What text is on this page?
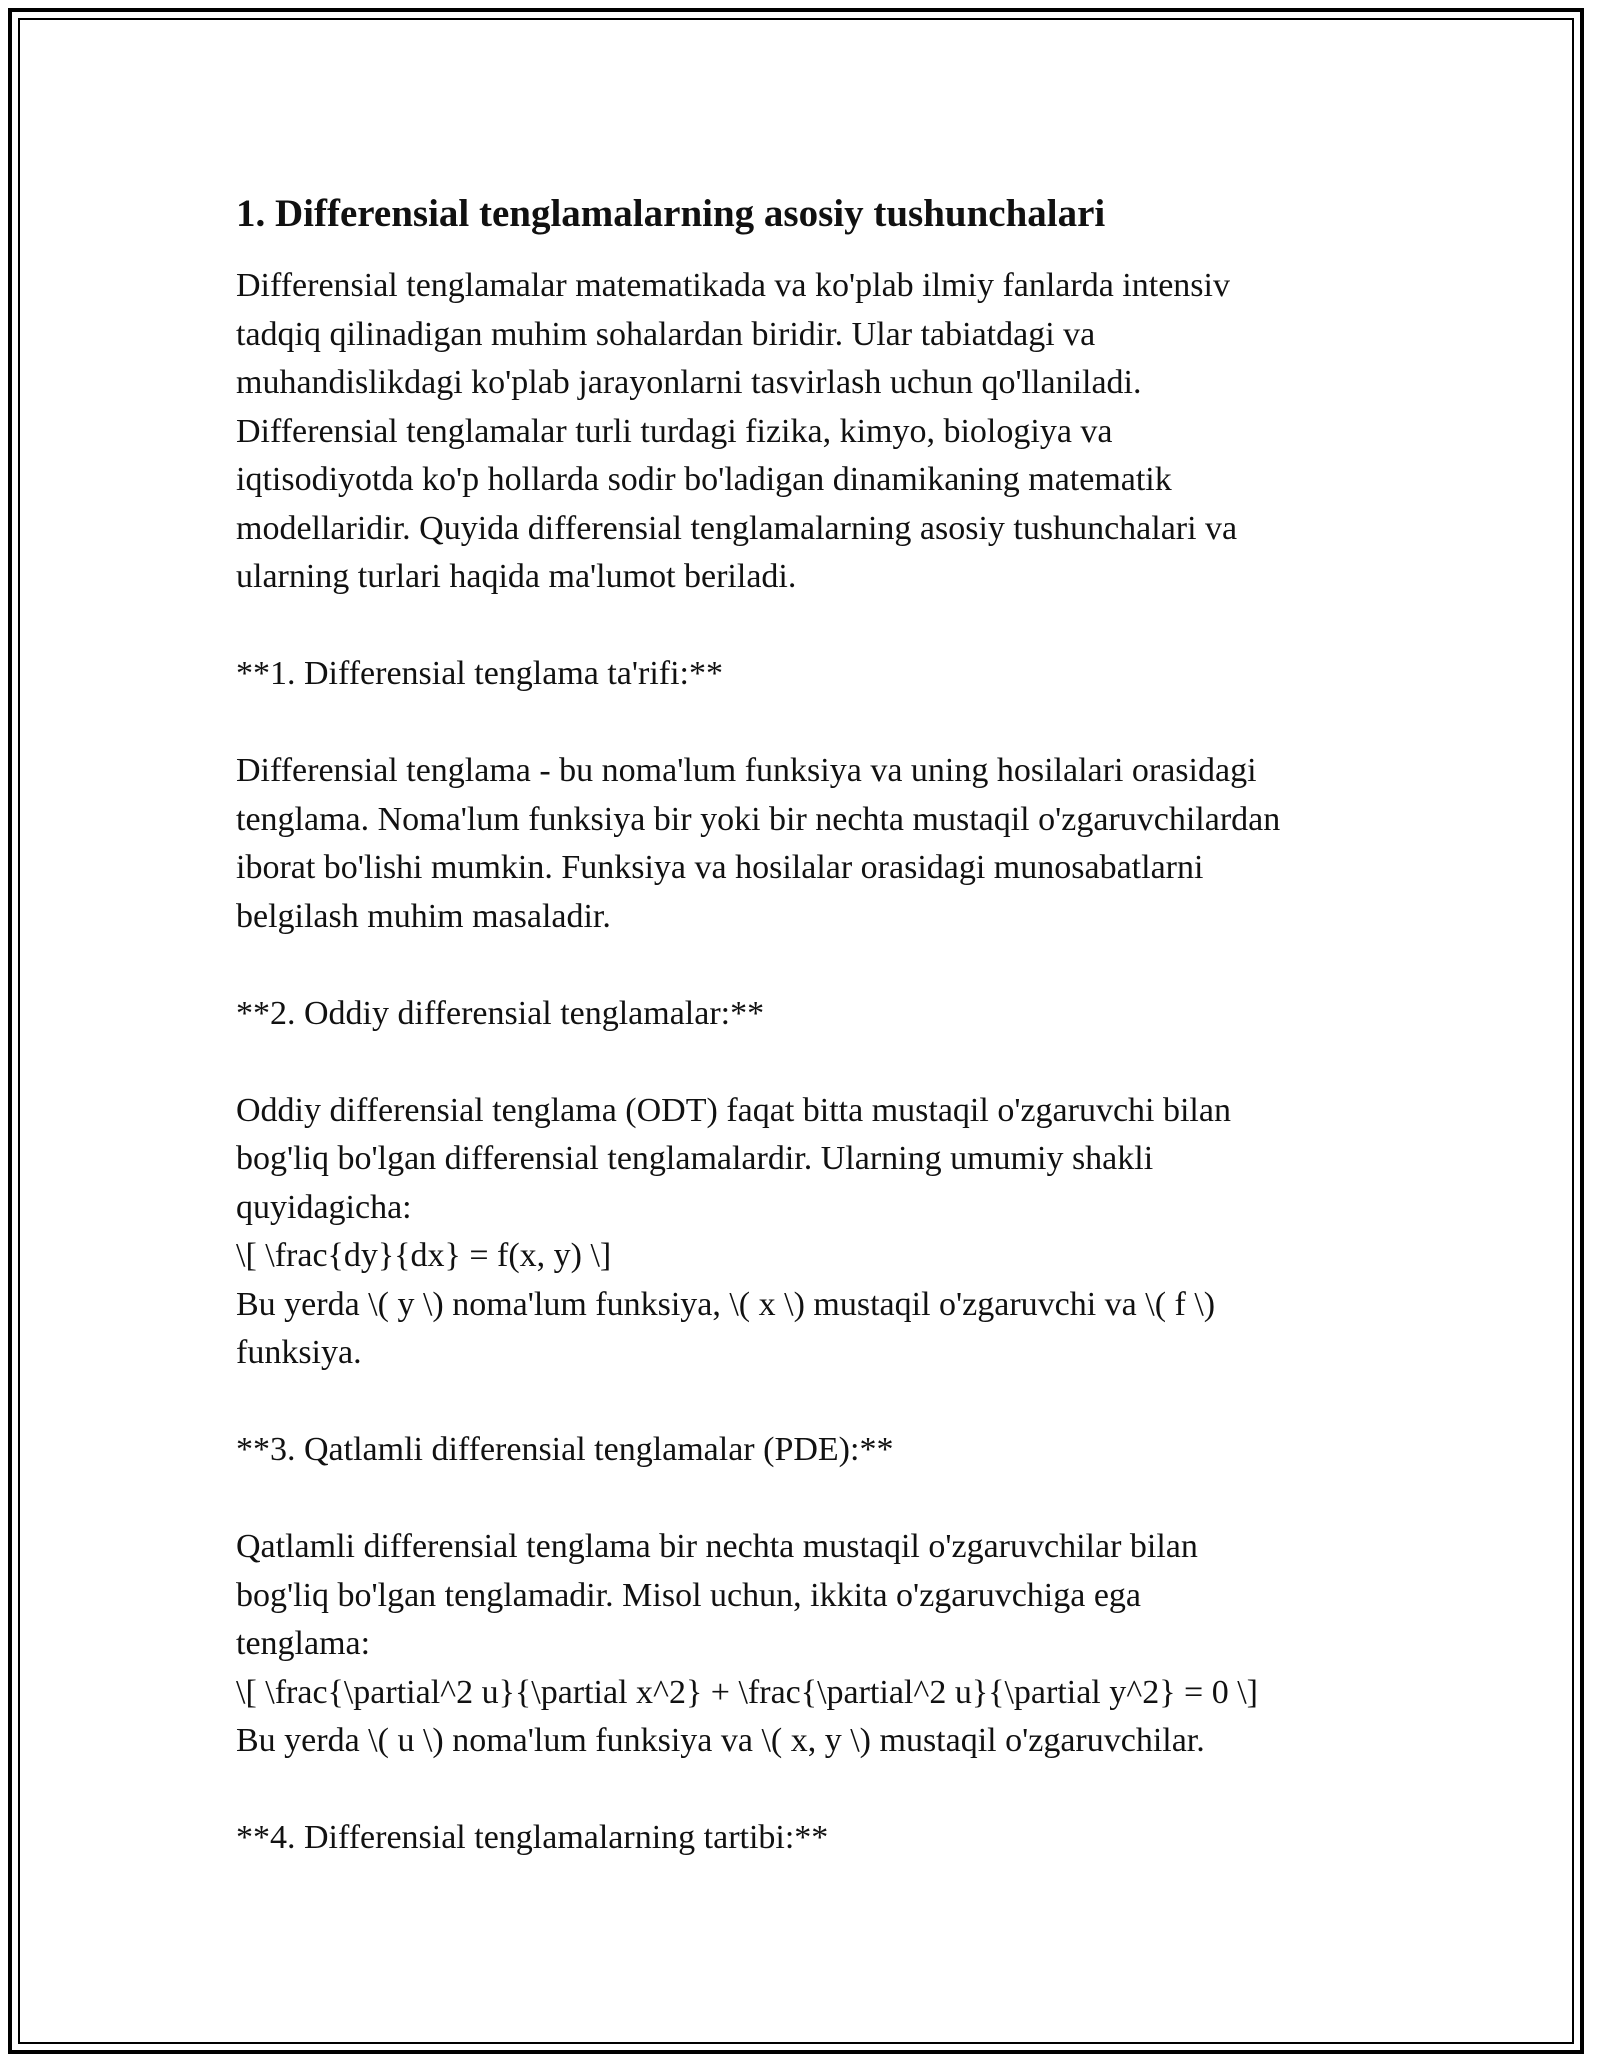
1. Differensial tenglamalarning asosiy tushunchalari

Differensial tenglamalar matematikada va ko'plab ilmiy fanlarda intensiv
tadqiq qilinadigan muhim sohalardan biridir. Ular tabiatdagi va
muhandislikdagi ko'plab jarayonlarni tasvirlash uchun qo'llaniladi.
Differensial tenglamalar turli turdagi fizika, kimyo, biologiya va
iqtisodiyotda ko'p hollarda sodir bo'ladigan dinamikaning matematik
modellaridir. Quyida differensial tenglamalarning asosiy tushunchalari va
ularning turlari haqida ma'lumot beriladi.

**1. Differensial tenglama ta'rifi:**

Differensial tenglama - bu noma'lum funksiya va uning hosilalari orasidagi
tenglama. Noma'lum funksiya bir yoki bir nechta mustaqil o'zgaruvchilardan
iborat bo'lishi mumkin. Funksiya va hosilalar orasidagi munosabatlarni
belgilash muhim masaladir.

**2. Oddiy differensial tenglamalar:**

Oddiy differensial tenglama (ODT) faqat bitta mustaqil o'zgaruvchi bilan
bog'liq bo'lgan differensial tenglamalardir. Ularning umumiy shakli
quyidagicha:
\[ \frac{dy}{dx} = f(x, y) \]
Bu yerda \( y \) noma'lum funksiya, \( x \) mustaqil o'zgaruvchi va \( f \)
funksiya.

**3. Qatlamli differensial tenglamalar (PDE):**

Qatlamli differensial tenglama bir nechta mustaqil o'zgaruvchilar bilan
bog'liq bo'lgan tenglamadir. Misol uchun, ikkita o'zgaruvchiga ega
tenglama:
\[ \frac{\partial^2 u}{\partial x^2} + \frac{\partial^2 u}{\partial y^2} = 0 \]
Bu yerda \( u \) noma'lum funksiya va \( x, y \) mustaqil o'zgaruvchilar.

**4. Differensial tenglamalarning tartibi:**
